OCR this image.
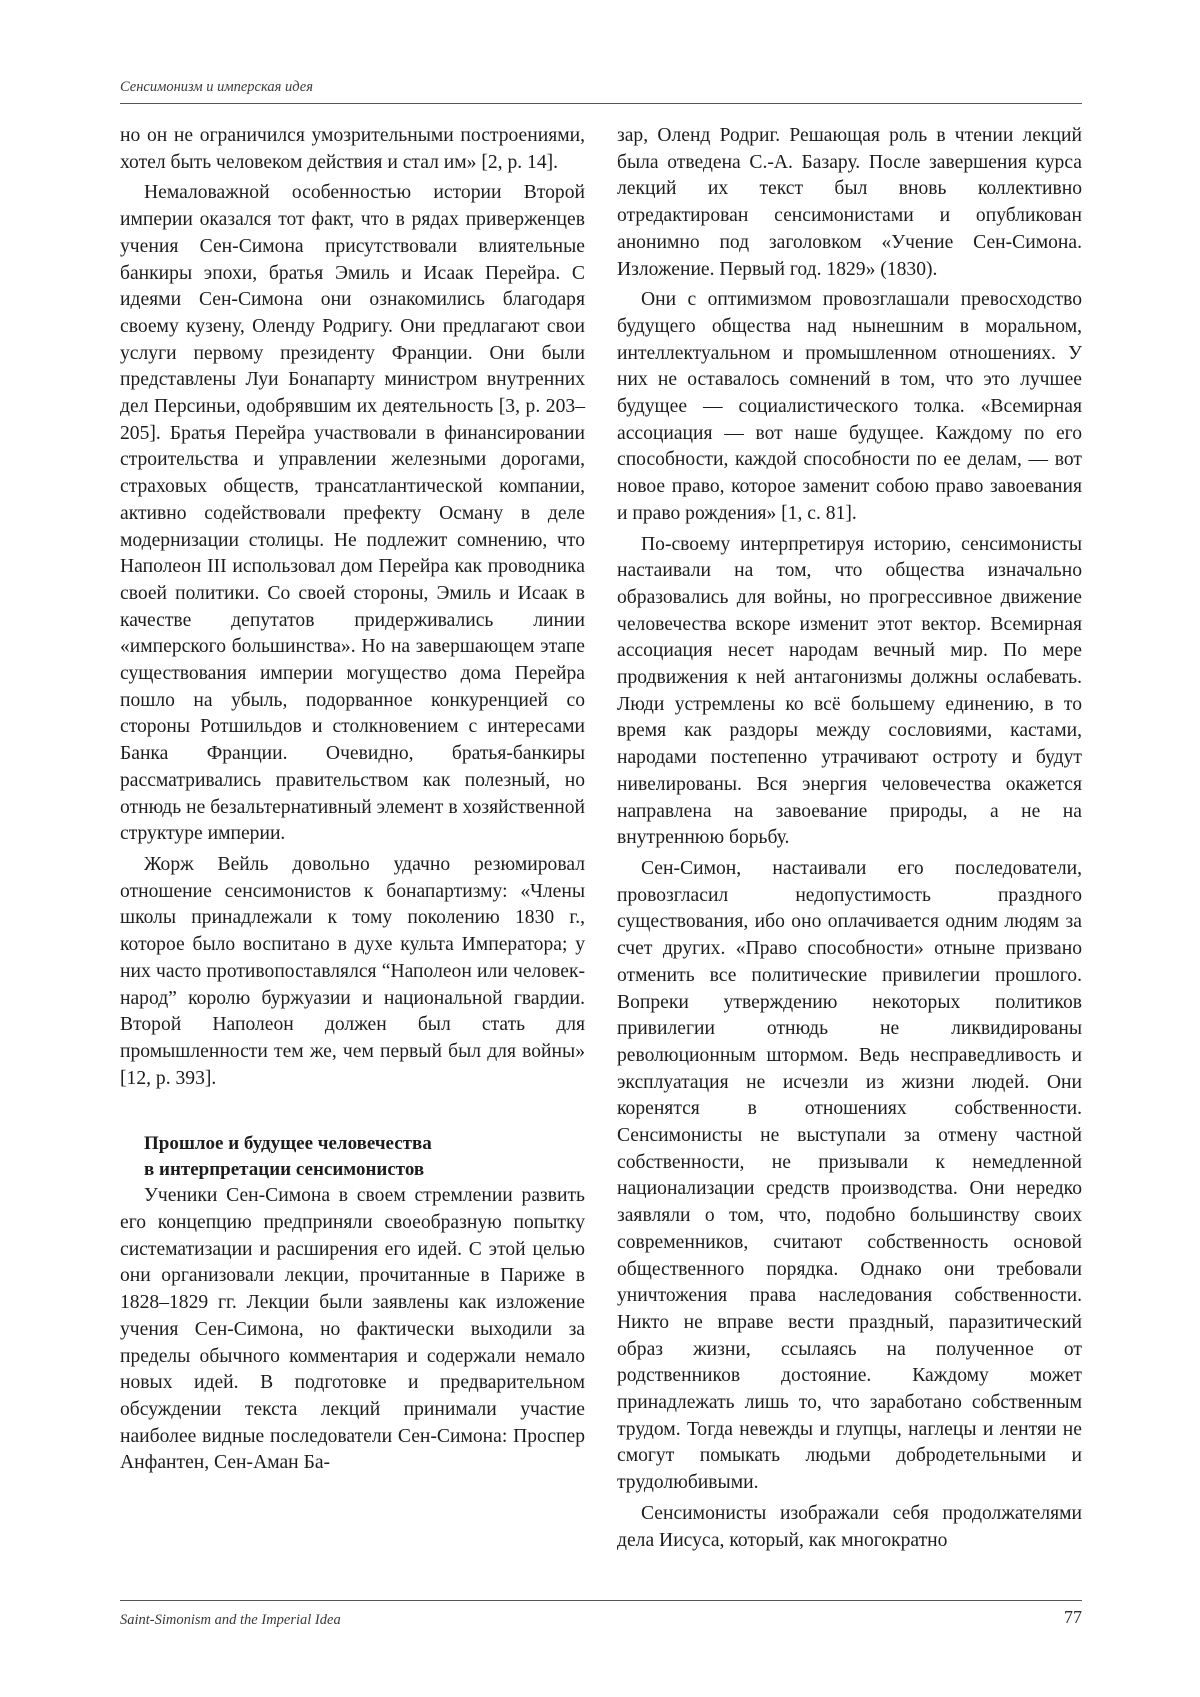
Сенсимонизм и имперская идея

но он не ограничился умозрительными построениями, хотел быть человеком действия и стал им» [2, p. 14].

Немаловажной особенностью истории Второй империи оказался тот факт, что в рядах приверженцев учения Сен-Симона присутствовали влиятельные банкиры эпохи, братья Эмиль и Исаак Перейра. С идеями Сен-Симона они ознакомились благодаря своему кузену, Оленду Родригу. Они предлагают свои услуги первому президенту Франции. Они были представлены Луи Бонапарту министром внутренних дел Персиньи, одобрявшим их деятельность [3, p. 203–205]. Братья Перейра участвовали в финансировании строительства и управлении железными дорогами, страховых обществ, трансатлантической компании, активно содействовали префекту Осману в деле модернизации столицы. Не подлежит сомнению, что Наполеон III использовал дом Перейра как проводника своей политики. Со своей стороны, Эмиль и Исаак в качестве депутатов придерживались линии «имперского большинства». Но на завершающем этапе существования империи могущество дома Перейра пошло на убыль, подорванное конкуренцией со стороны Ротшильдов и столкновением с интересами Банка Франции. Очевидно, братья-банкиры рассматривались правительством как полезный, но отнюдь не безальтернативный элемент в хозяйственной структуре империи.

Жорж Вейль довольно удачно резюмировал отношение сенсимонистов к бонапартизму: «Члены школы принадлежали к тому поколению 1830 г., которое было воспитано в духе культа Императора; у них часто противопоставлялся “Наполеон или человек-народ” королю буржуазии и национальной гвардии. Второй Наполеон должен был стать для промышленности тем же, чем первый был для войны» [12, p. 393].

Прошлое и будущее человечества
в интерпретации сенсимонистов

Ученики Сен-Симона в своем стремлении развить его концепцию предприняли своеобразную попытку систематизации и расширения его идей. С этой целью они организовали лекции, прочитанные в Париже в 1828–1829 гг. Лекции были заявлены как изложение учения Сен-Симона, но фактически выходили за пределы обычного комментария и содержали немало новых идей. В подготовке и предварительном обсуждении текста лекций принимали участие наиболее видные последователи Сен-Симона: Проспер Анфантен, Сен-Аман Ба-

зар, Оленд Родриг. Решающая роль в чтении лекций была отведена С.-А. Базару. После завершения курса лекций их текст был вновь коллективно отредактирован сенсимонистами и опубликован анонимно под заголовком «Учение Сен-Симона. Изложение. Первый год. 1829» (1830).

Они с оптимизмом провозглашали превосходство будущего общества над нынешним в моральном, интеллектуальном и промышленном отношениях. У них не оставалось сомнений в том, что это лучшее будущее — социалистического толка. «Всемирная ассоциация — вот наше будущее. Каждому по его способности, каждой способности по ее делам, — вот новое право, которое заменит собою право завоевания и право рождения» [1, с. 81].

По-своему интерпретируя историю, сенсимонисты настаивали на том, что общества изначально образовались для войны, но прогрессивное движение человечества вскоре изменит этот вектор. Всемирная ассоциация несет народам вечный мир. По мере продвижения к ней антагонизмы должны ослабевать. Люди устремлены ко всё большему единению, в то время как раздоры между сословиями, кастами, народами постепенно утрачивают остроту и будут нивелированы. Вся энергия человечества окажется направлена на завоевание природы, а не на внутреннюю борьбу.

Сен-Симон, настаивали его последователи, провозгласил недопустимость праздного существования, ибо оно оплачивается одним людям за счет других. «Право способности» отныне призвано отменить все политические привилегии прошлого. Вопреки утверждению некоторых политиков привилегии отнюдь не ликвидированы революционным штормом. Ведь несправедливость и эксплуатация не исчезли из жизни людей. Они коренятся в отношениях собственности. Сенсимонисты не выступали за отмену частной собственности, не призывали к немедленной национализации средств производства. Они нередко заявляли о том, что, подобно большинству своих современников, считают собственность основой общественного порядка. Однако они требовали уничтожения права наследования собственности. Никто не вправе вести праздный, паразитический образ жизни, ссылаясь на полученное от родственников достояние. Каждому может принадлежать лишь то, что заработано собственным трудом. Тогда невежды и глупцы, наглецы и лентяи не смогут помыкать людьми добродетельными и трудолюбивыми.

Сенсимонисты изображали себя продолжателями дела Иисуса, который, как многократно

Saint-Simonism and the Imperial Idea	77
